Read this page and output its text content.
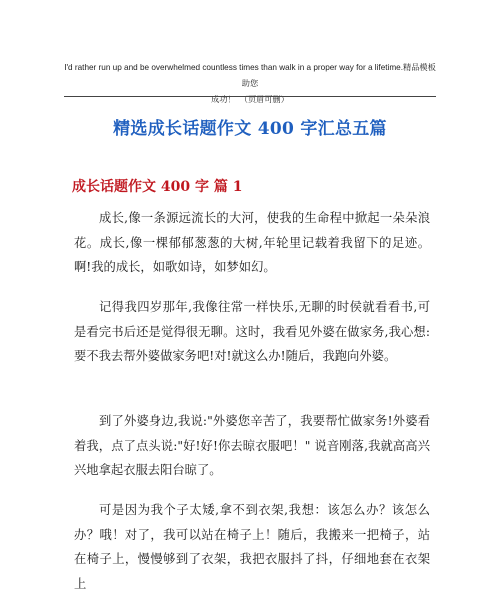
I'd rather run up and be overwhelmed countless times than walk in a proper way for a lifetime.精品模板　　助您
成功！　（页眉可删）
精选成长话题作文 400 字汇总五篇
成长话题作文 400 字 篇 1
成长,像一条源远流长的大河，使我的生命程中掀起一朵朵浪花。成长,像一棵郁郁葱葱的大树,年轮里记载着我留下的足迹。啊!我的成长，如歌如诗，如梦如幻。
记得我四岁那年,我像往常一样快乐,无聊的时侯就看看书,可是看完书后还是觉得很无聊。这时，我看见外婆在做家务,我心想:要不我去帮外婆做家务吧!对!就这么办!随后，我跑向外婆。
到了外婆身边,我说:"外婆您辛苦了，我要帮忙做家务!外婆看着我，点了点头说:"好!好!你去晾衣服吧！" 说音刚落,我就高高兴兴地拿起衣服去阳台晾了。
可是因为我个子太矮,拿不到衣架,我想：该怎么办？该怎么办？哦！对了，我可以站在椅子上！随后，我搬来一把椅子，站在椅子上，慢慢够到了衣架，我把衣服抖了抖，仔细地套在衣架上
